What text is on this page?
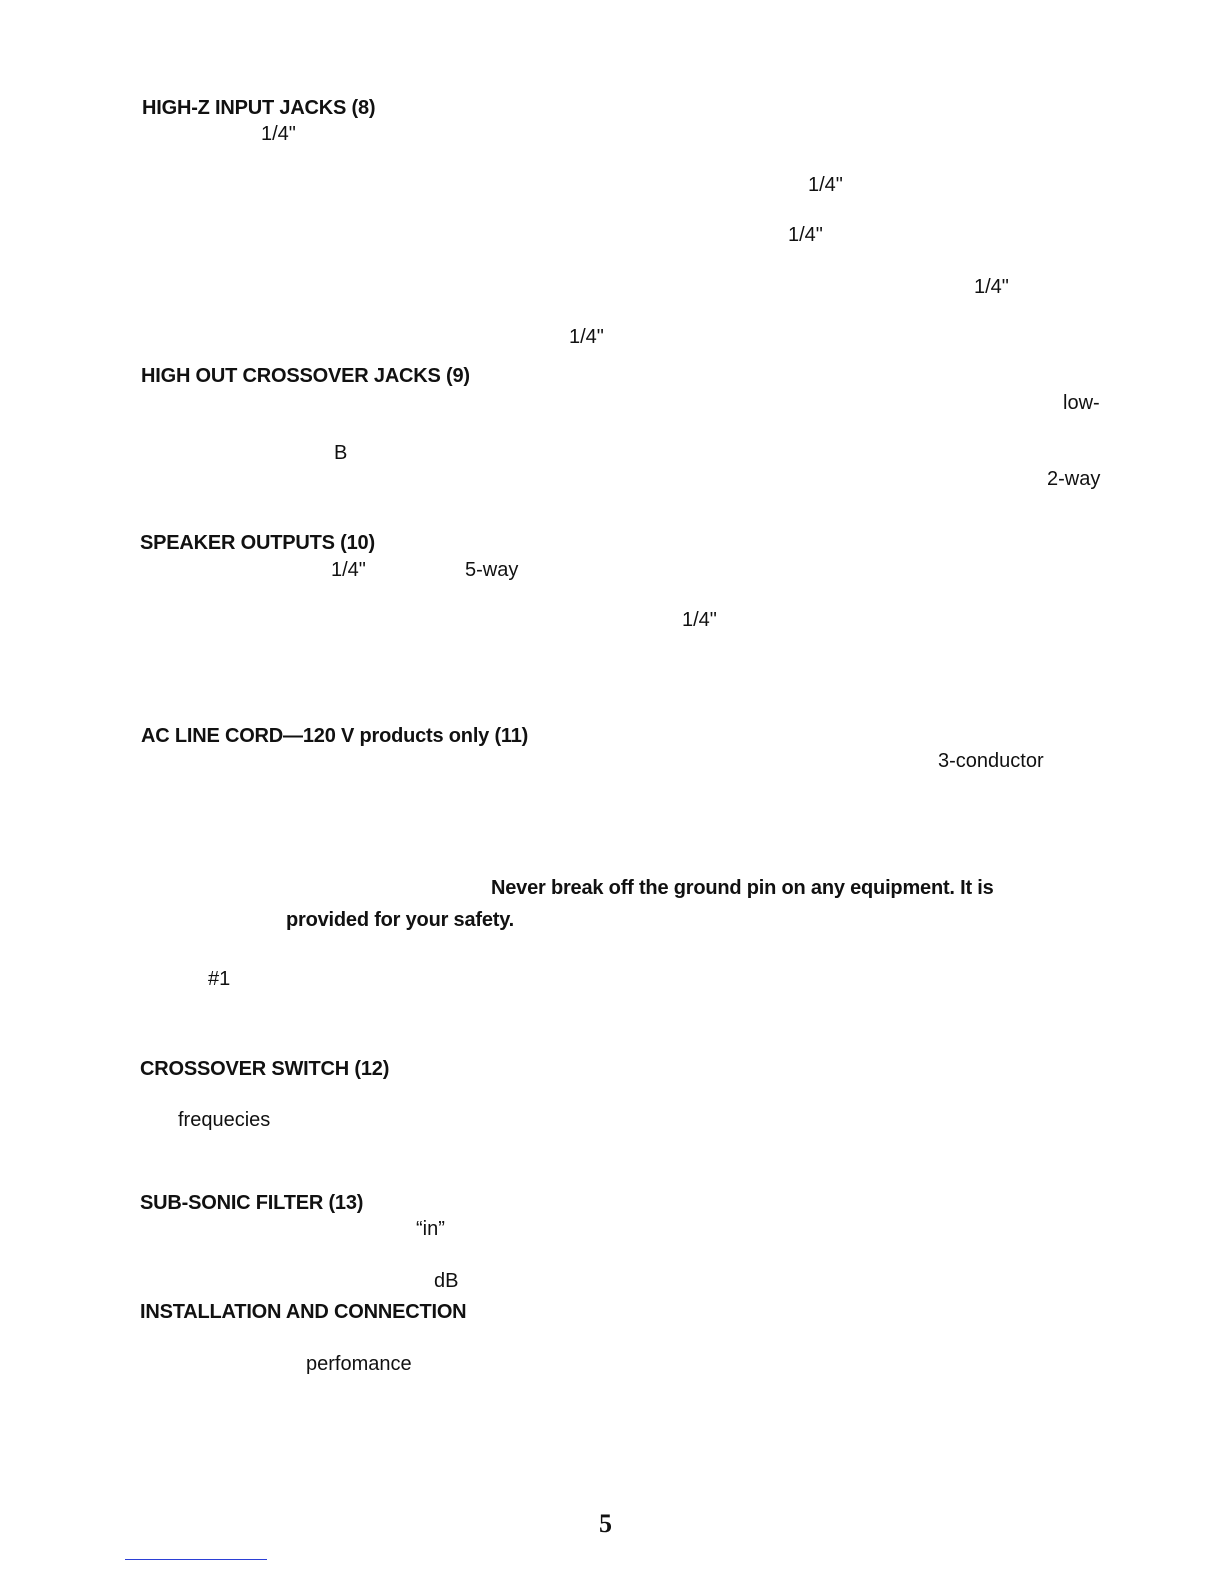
HIGH-Z INPUT JACKS (8)
1/4"
1/4"
1/4"
1/4"
1/4"
HIGH OUT CROSSOVER JACKS (9)
low-
B
2-way
SPEAKER OUTPUTS (10)
1/4"	5-way
1/4"
AC LINE CORD—120 V products only (11)
3-conductor
Never break off the ground pin on any equipment. It is
provided for your safety.
#1
CROSSOVER SWITCH (12)
frequecies
SUB-SONIC FILTER (13)
“in”
dB
INSTALLATION AND CONNECTION
perfomance
5
